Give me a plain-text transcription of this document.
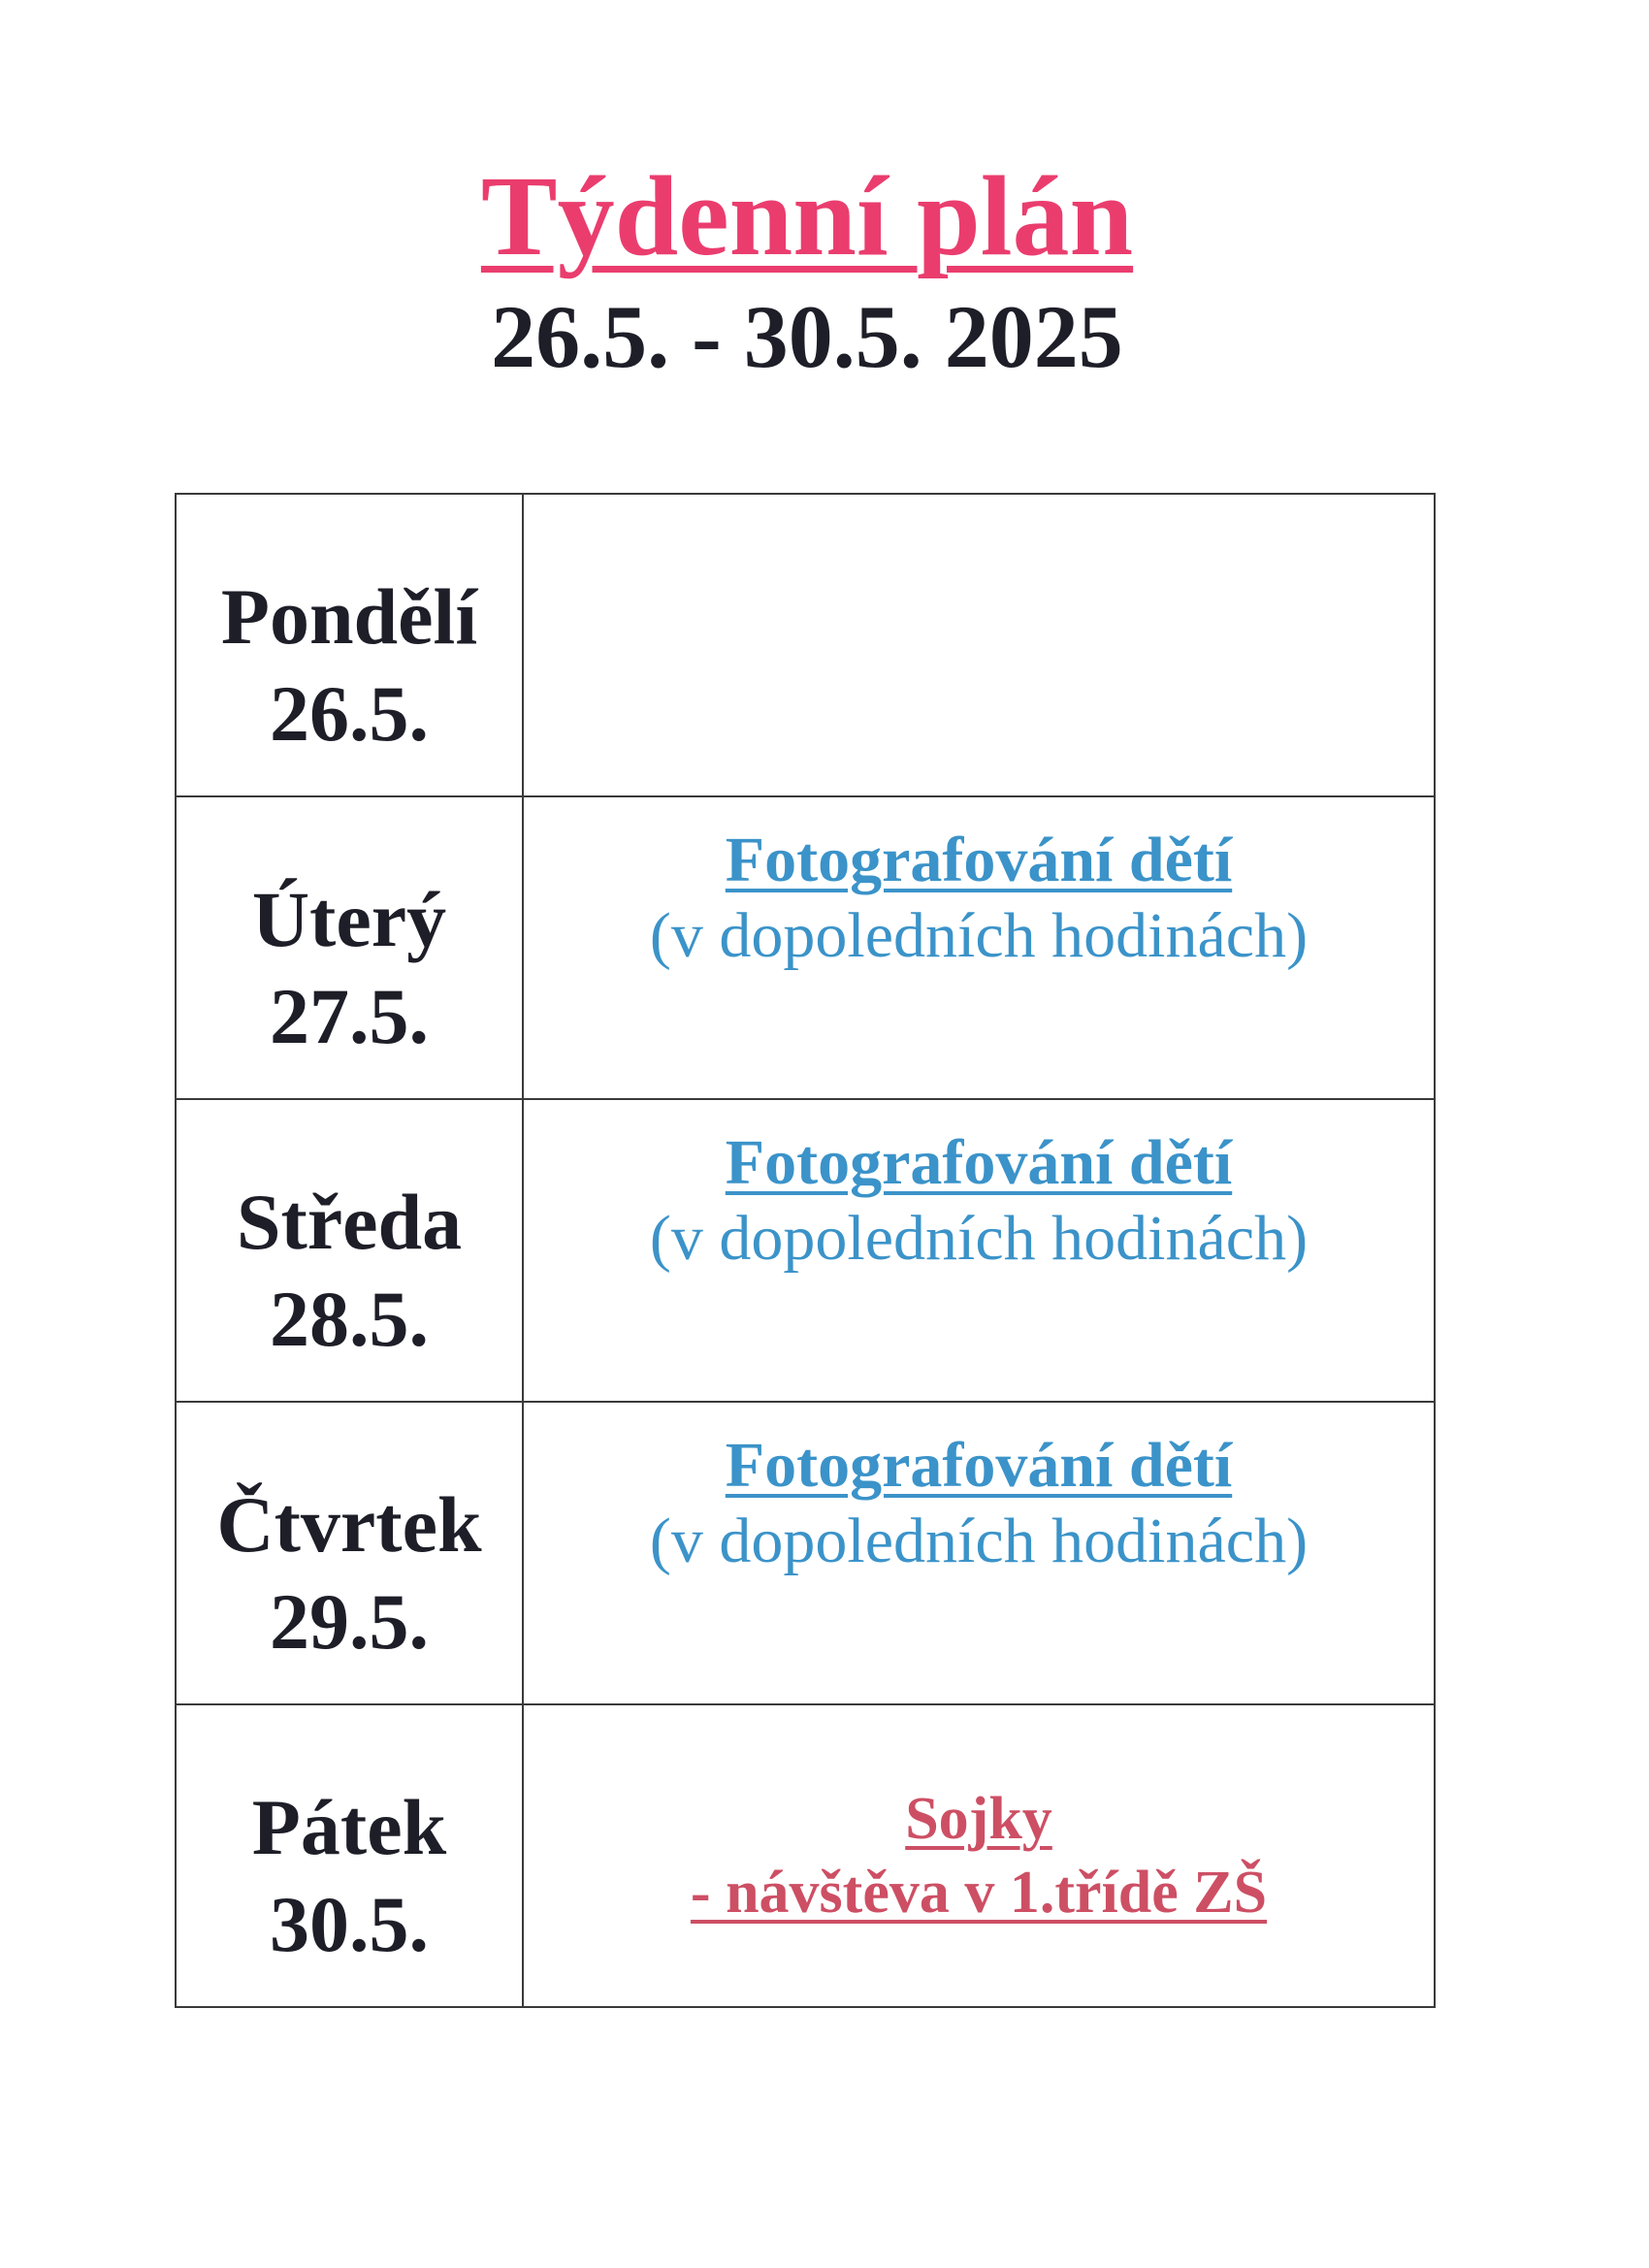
Týdenní plán
26.5. - 30.5. 2025
Pondělí
26.5.	

Úterý
27.5.	Fotografování dětí
(v dopoledních hodinách)

Středa
28.5.	Fotografování dětí
(v dopoledních hodinách)

Čtvrtek
29.5.	Fotografování dětí
(v dopoledních hodinách)

Pátek
30.5.	Sojky
- návštěva v 1.třídě ZŠ
